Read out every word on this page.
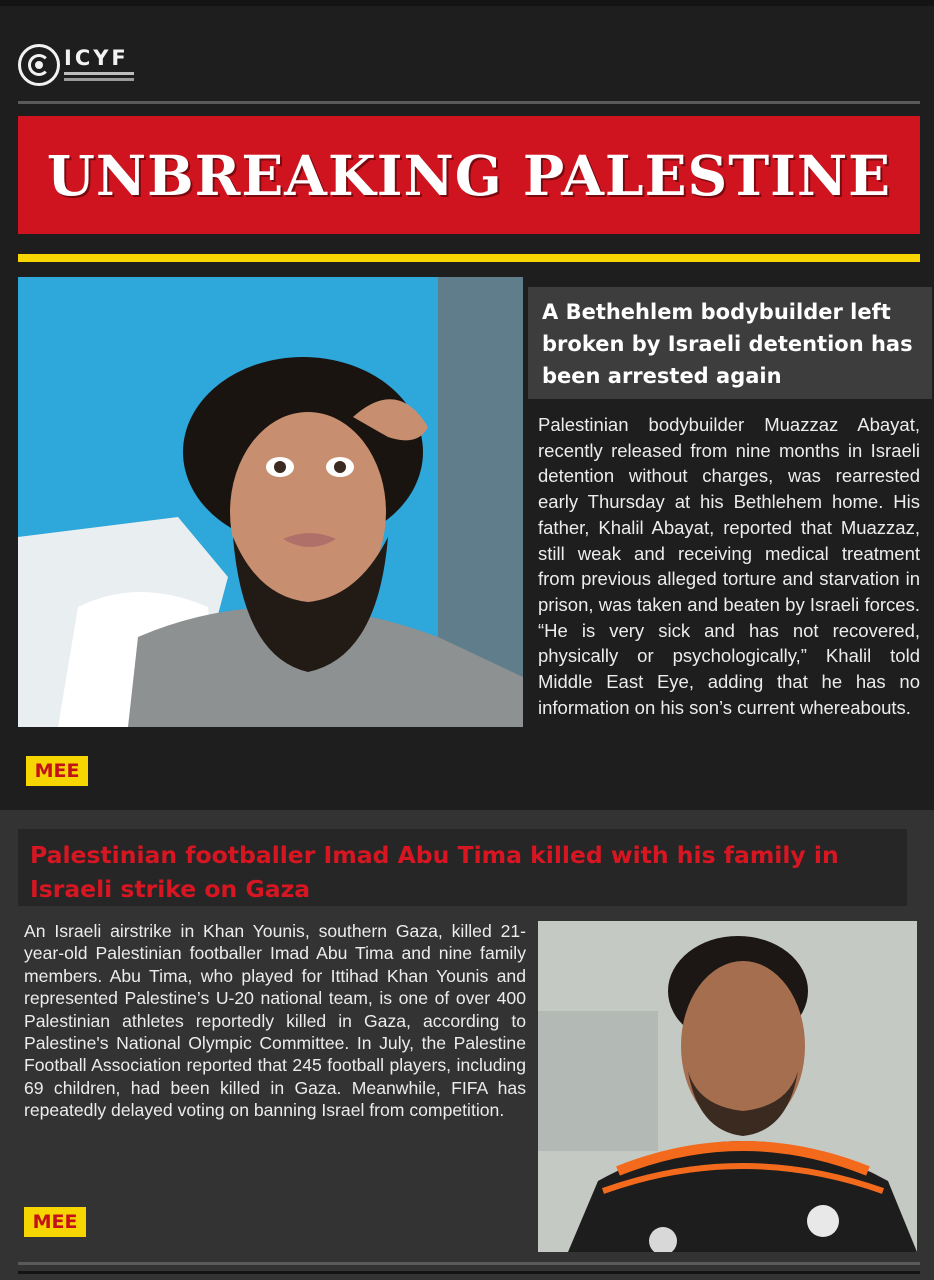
ICYF
UNBREAKING PALESTINE
A Bethehlem bodybuilder left broken by Israeli detention has been arrested again

Palestinian bodybuilder Muazzaz Abayat, recently released from nine months in Israeli detention without charges, was rearrested early Thursday at his Bethlehem home. His father, Khalil Abayat, reported that Muazzaz, still weak and receiving medical treatment from previous alleged torture and starvation in prison, was taken and beaten by Israeli forces. “He is very sick and has not recovered, physically or psychologically,” Khalil told Middle East Eye, adding that he has no information on his son’s current whereabouts.

MEE
Palestinian footballer Imad Abu Tima killed with his family in Israeli strike on Gaza

An Israeli airstrike in Khan Younis, southern Gaza, killed 21-year-old Palestinian footballer Imad Abu Tima and nine family members. Abu Tima, who played for Ittihad Khan Younis and represented Palestine’s U-20 national team, is one of over 400 Palestinian athletes reportedly killed in Gaza, according to Palestine's National Olympic Committee. In July, the Palestine Football Association reported that 245 football players, including 69 children, had been killed in Gaza. Meanwhile, FIFA has repeatedly delayed voting on banning Israel from competition.

MEE
